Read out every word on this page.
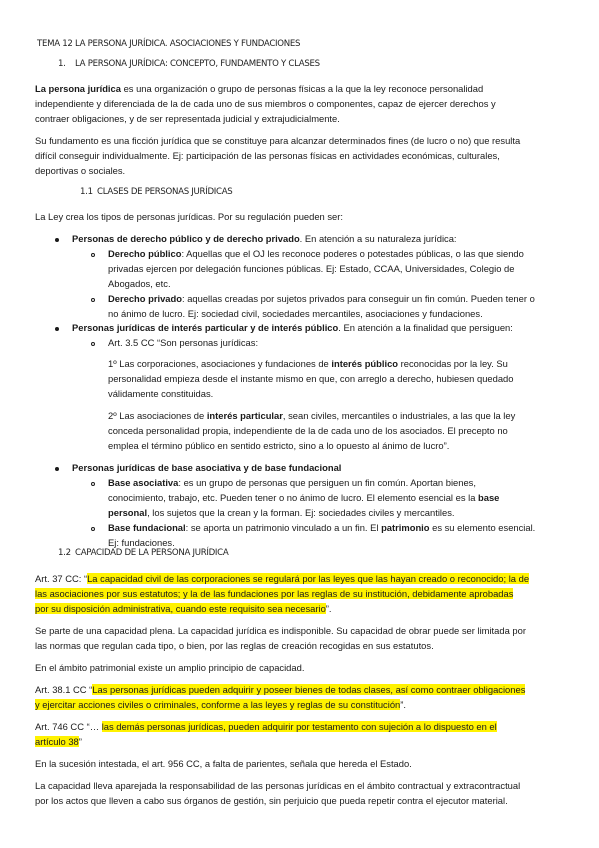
TEMA 12 LA PERSONA JURÍDICA. ASOCIACIONES Y FUNDACIONES
1. LA PERSONA JURÍDICA: CONCEPTO, FUNDAMENTO Y CLASES
La persona jurídica es una organización o grupo de personas físicas a la que la ley reconoce personalidad
independiente y diferenciada de la de cada uno de sus miembros o componentes, capaz de ejercer derechos y
contraer obligaciones, y de ser representada judicial y extrajudicialmente.
Su fundamento es una ficción jurídica que se constituye para alcanzar determinados fines (de lucro o no) que resulta
difícil conseguir individualmente. Ej: participación de las personas físicas en actividades económicas, culturales,
deportivas o sociales.
1.1 CLASES DE PERSONAS JURÍDICAS
La Ley crea los tipos de personas jurídicas. Por su regulación pueden ser:
Personas de derecho público y de derecho privado. En atención a su naturaleza jurídica:
Derecho público: Aquellas que el OJ les reconoce poderes o potestades públicas, o las que siendo
privadas ejercen por delegación funciones públicas. Ej: Estado, CCAA, Universidades, Colegio de
Abogados, etc.
Derecho privado: aquellas creadas por sujetos privados para conseguir un fin común. Pueden tener o
no ánimo de lucro. Ej: sociedad civil, sociedades mercantiles, asociaciones y fundaciones.
Personas jurídicas de interés particular y de interés público. En atención a la finalidad que persiguen:
Art. 3.5 CC “Son personas jurídicas:
1º Las corporaciones, asociaciones y fundaciones de interés público reconocidas por la ley. Su
personalidad empieza desde el instante mismo en que, con arreglo a derecho, hubiesen quedado
válidamente constituidas.
2º Las asociaciones de interés particular, sean civiles, mercantiles o industriales, a las que la ley
conceda personalidad propia, independiente de la de cada uno de los asociados. El precepto no
emplea el término público en sentido estricto, sino a lo opuesto al ánimo de lucro”.
Personas jurídicas de base asociativa y de base fundacional
Base asociativa: es un grupo de personas que persiguen un fin común. Aportan bienes,
conocimiento, trabajo, etc. Pueden tener o no ánimo de lucro. El elemento esencial es la base
personal, los sujetos que la crean y la forman. Ej: sociedades civiles y mercantiles.
Base fundacional: se aporta un patrimonio vinculado a un fin. El patrimonio es su elemento esencial.
Ej: fundaciones.
1.2 CAPACIDAD DE LA PERSONA JURÍDICA
Art. 37 CC: “La capacidad civil de las corporaciones se regulará por las leyes que las hayan creado o reconocido; la de
las asociaciones por sus estatutos; y la de las fundaciones por las reglas de su institución, debidamente aprobadas
por su disposición administrativa, cuando este requisito sea necesario”.
Se parte de una capacidad plena. La capacidad jurídica es indisponible. Su capacidad de obrar puede ser limitada por
las normas que regulan cada tipo, o bien, por las reglas de creación recogidas en sus estatutos.
En el ámbito patrimonial existe un amplio principio de capacidad.
Art. 38.1 CC “Las personas jurídicas pueden adquirir y poseer bienes de todas clases, así como contraer obligaciones
y ejercitar acciones civiles o criminales, conforme a las leyes y reglas de su constitución”.
Art. 746 CC “… las demás personas jurídicas, pueden adquirir por testamento con sujeción a lo dispuesto en el
artículo 38”
En la sucesión intestada, el art. 956 CC, a falta de parientes, señala que hereda el Estado.
La capacidad lleva aparejada la responsabilidad de las personas jurídicas en el ámbito contractual y extracontractual
por los actos que lleven a cabo sus órganos de gestión, sin perjuicio que pueda repetir contra el ejecutor material.
